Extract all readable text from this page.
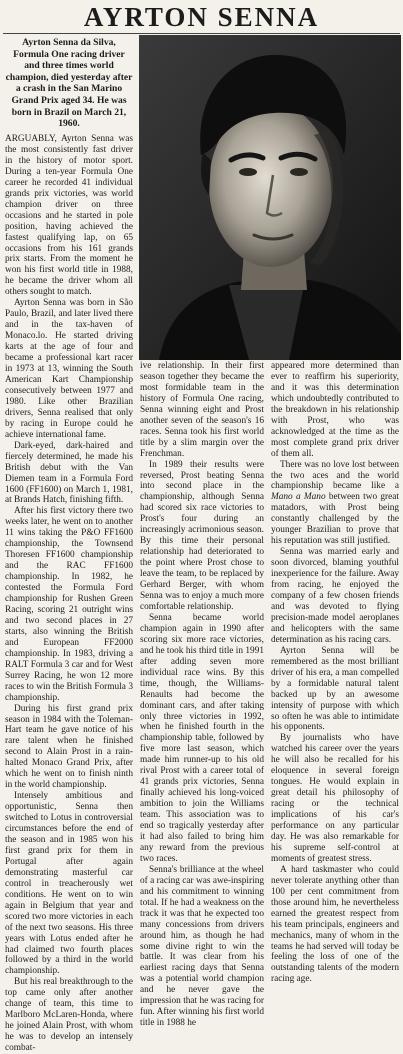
AYRTON SENNA
Ayrton Senna da Silva, Formula One racing driver and three times world champion, died yesterday after a crash in the San Marino Grand Prix aged 34. He was born in Brazil on March 21, 1960.

ARGUABLY, Ayrton Senna was the most consistently fast driver in the history of motor sport. During a ten-year Formula One career he recorded 41 individual grands prix victories, was world champion driver on three occasions and he started in pole position, having achieved the fastest qualifying lap, on 65 occasions from his 161 grands prix starts. From the moment he won his first world title in 1988, he became the driver whom all others sought to match.

Ayrton Senna was born in São Paulo, Brazil, and later lived there and in the tax-haven of Monaco.lo. He started driving karts at the age of four and became a professional kart racer in 1973 at 13, winning the South American Kart Championship consecutively between 1977 and 1980. Like other Brazilian drivers, Senna realised that only by racing in Europe could he achieve international fame.

Dark-eyed, dark-haired and fiercely determined, he made his British debut with the Van Diemen team in a Formula Ford 1600 (FF1600) on March 1, 1981, at Brands Hatch, finishing fifth.

After his first victory there two weeks later, he went on to another 11 wins taking the P&O FF1600 championship, the Townsend Thoresen FF1600 championship and the RAC FF1600 championship. In 1982, he contested the Formula Ford championship for Rushen Green Racing, scoring 21 outright wins and two second places in 27 starts, also winning the British and European FF2000 championship. In 1983, driving a RALT Formula 3 car and for West Surrey Racing, he won 12 more races to win the British Formula 3 championship.

During his first grand prix season in 1984 with the Toleman-Hart team he gave notice of his rare talent when he finished second to Alain Prost in a rain-halted Monaco Grand Prix, after which he went on to finish ninth in the world championship.

Intensely ambitious and opportunistic, Senna then switched to Lotus in controversial circumstances before the end of the season and in 1985 won his first grand prix for them in Portugal after again demonstrating masterful car control in treacherously wet conditions. He went on to win again in Belgium that year and scored two more victories in each of the next two seasons. His three years with Lotus ended after he had claimed two fourth places followed by a third in the world championship.

But his real breakthrough to the top came only after another change of team, this time to Marlboro McLaren-Honda, where he joined Alain Prost, with whom he was to develop an intensely combat-

ive relationship. In their first season together they became the most formidable team in the history of Formula One racing, Senna winning eight and Prost another seven of the season's 16 races. Senna took his first world title by a slim margin over the Frenchman.

In 1989 their results were reversed, Prost beating Senna into second place in the championship, although Senna had scored six race victories to Prost's four during an increasingly acrimonious season. By this time their personal relationship had deteriorated to the point where Prost chose to leave the team, to be replaced by Gerhard Berger, with whom Senna was to enjoy a much more comfortable relationship.

Senna became world champion again in 1990 after scoring six more race victories, and he took his third title in 1991 after adding seven more individual race wins. By this time, though, the Williams-Renaults had become the dominant cars, and after taking only three victories in 1992, when he finished fourth in the championship table, followed by five more last season, which made him runner-up to his old rival Prost with a career total of 41 grands prix victories, Senna finally achieved his long-voiced ambition to join the Williams team. This association was to end so tragically yesterday after it had also failed to bring him any reward from the previous two races.

Senna's brilliance at the wheel of a racing car was awe-inspiring and his commitment to winning total. If he had a weakness on the track it was that he expected too many concessions from drivers around him, as though he had some divine right to win the battle. It was clear from his earliest racing days that Senna was a potential world champion and he never gave the impression that he was racing for fun. After winning his first world title in 1988 he

appeared more determined than ever to reaffirm his superiority, and it was this determination which undoubtedly contributed to the breakdown in his relationship with Prost, who was acknowledged at the time as the most complete grand prix driver of them all.

There was no love lost between the two aces and the world championship became like a Mano a Mano between two great matadors, with Prost being constantly challenged by the younger Brazilian to prove that his reputation was still justified.

Senna was married early and soon divorced, blaming youthful inexperience for the failure. Away from racing, he enjoyed the company of a few chosen friends and was devoted to flying precision-made model aeroplanes and helicopters with the same determination as his racing cars.

Ayrton Senna will be remembered as the most brilliant driver of his era, a man compelled by a formidable natural talent backed up by an awesome intensity of purpose with which so often he was able to intimidate his opponents.

By journalists who have watched his career over the years he will also be recalled for his eloquence in several foreign tongues. He would explain in great detail his philosophy of racing or the technical implications of his car's performance on any particular day. He was also remarkable for his supreme self-control at moments of greatest stress.

A hard taskmaster who could never tolerate anything other than 100 per cent commitment from those around him, he nevertheless earned the greatest respect from his team principals, engineers and mechanics, many of whom in the teams he had served will today be feeling the loss of one of the outstanding talents of the modern racing age.
